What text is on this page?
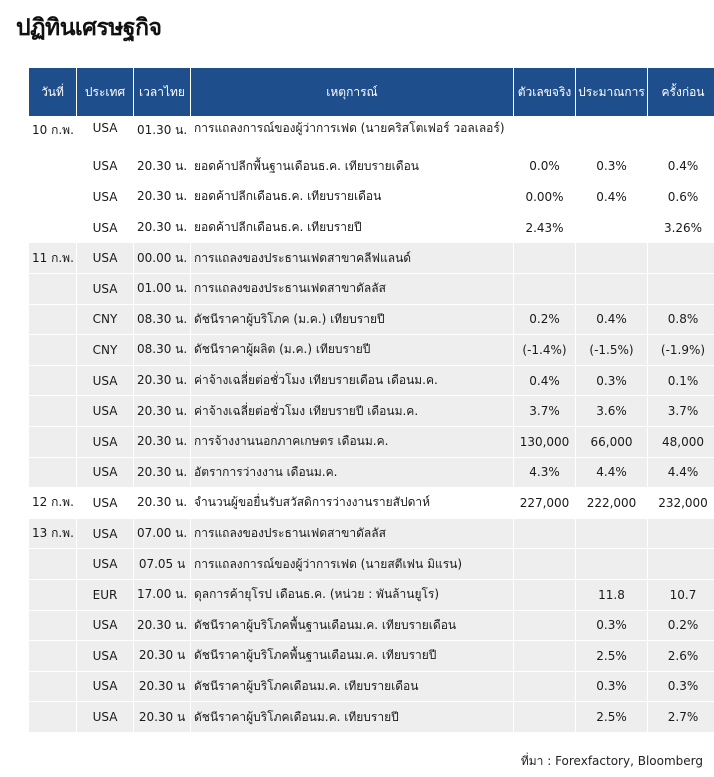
ปฏิทินเศรษฐกิจ
วันที่	ประเทศ	เวลาไทย	เหตุการณ์	ตัวเลขจริง	ประมาณการ	ครั้งก่อน
10 ก.พ.	USA	01.30 น.	การแถลงการณ์ของผู้ว่าการเฟด (นายคริสโตเฟอร์ วอลเลอร์)			
	USA	20.30 น.	ยอดค้าปลีกพื้นฐานเดือนธ.ค. เทียบรายเดือน	0.0%	0.3%	0.4%
	USA	20.30 น.	ยอดค้าปลีกเดือนธ.ค. เทียบรายเดือน	0.00%	0.4%	0.6%
	USA	20.30 น.	ยอดค้าปลีกเดือนธ.ค. เทียบรายปี	2.43%		3.26%
11 ก.พ.	USA	00.00 น.	การแถลงของประธานเฟดสาขาคลีฟแลนด์			
	USA	01.00 น.	การแถลงของประธานเฟดสาขาดัลลัส			
	CNY	08.30 น.	ดัชนีราคาผู้บริโภค (ม.ค.) เทียบรายปี	0.2%	0.4%	0.8%
	CNY	08.30 น.	ดัชนีราคาผู้ผลิต (ม.ค.) เทียบรายปี	(-1.4%)	(-1.5%)	(-1.9%)
	USA	20.30 น.	ค่าจ้างเฉลี่ยต่อชั่วโมง เทียบรายเดือน เดือนม.ค.	0.4%	0.3%	0.1%
	USA	20.30 น.	ค่าจ้างเฉลี่ยต่อชั่วโมง เทียบรายปี เดือนม.ค.	3.7%	3.6%	3.7%
	USA	20.30 น.	การจ้างงานนอกภาคเกษตร เดือนม.ค.	130,000	66,000	48,000
	USA	20.30 น.	อัตราการว่างงาน เดือนม.ค.	4.3%	4.4%	4.4%
12 ก.พ.	USA	20.30 น.	จำนวนผู้ขอยื่นรับสวัสดิการว่างงานรายสัปดาห์	227,000	222,000	232,000
13 ก.พ.	USA	07.00 น.	การแถลงของประธานเฟดสาขาดัลลัส			
	USA	07.05 น	การแถลงการณ์ของผู้ว่าการเฟด (นายสตีเฟน มิแรน)			
	EUR	17.00 น.	ดุลการค้ายุโรป เดือนธ.ค. (หน่วย : พันล้านยูโร)		11.8	10.7
	USA	20.30 น.	ดัชนีราคาผู้บริโภคพื้นฐานเดือนม.ค. เทียบรายเดือน		0.3%	0.2%
	USA	20.30 น	ดัชนีราคาผู้บริโภคพื้นฐานเดือนม.ค. เทียบรายปี		2.5%	2.6%
	USA	20.30 น	ดัชนีราคาผู้บริโภคเดือนม.ค. เทียบรายเดือน		0.3%	0.3%
	USA	20.30 น	ดัชนีราคาผู้บริโภคเดือนม.ค. เทียบรายปี		2.5%	2.7%
ที่มา : Forexfactory, Bloomberg
